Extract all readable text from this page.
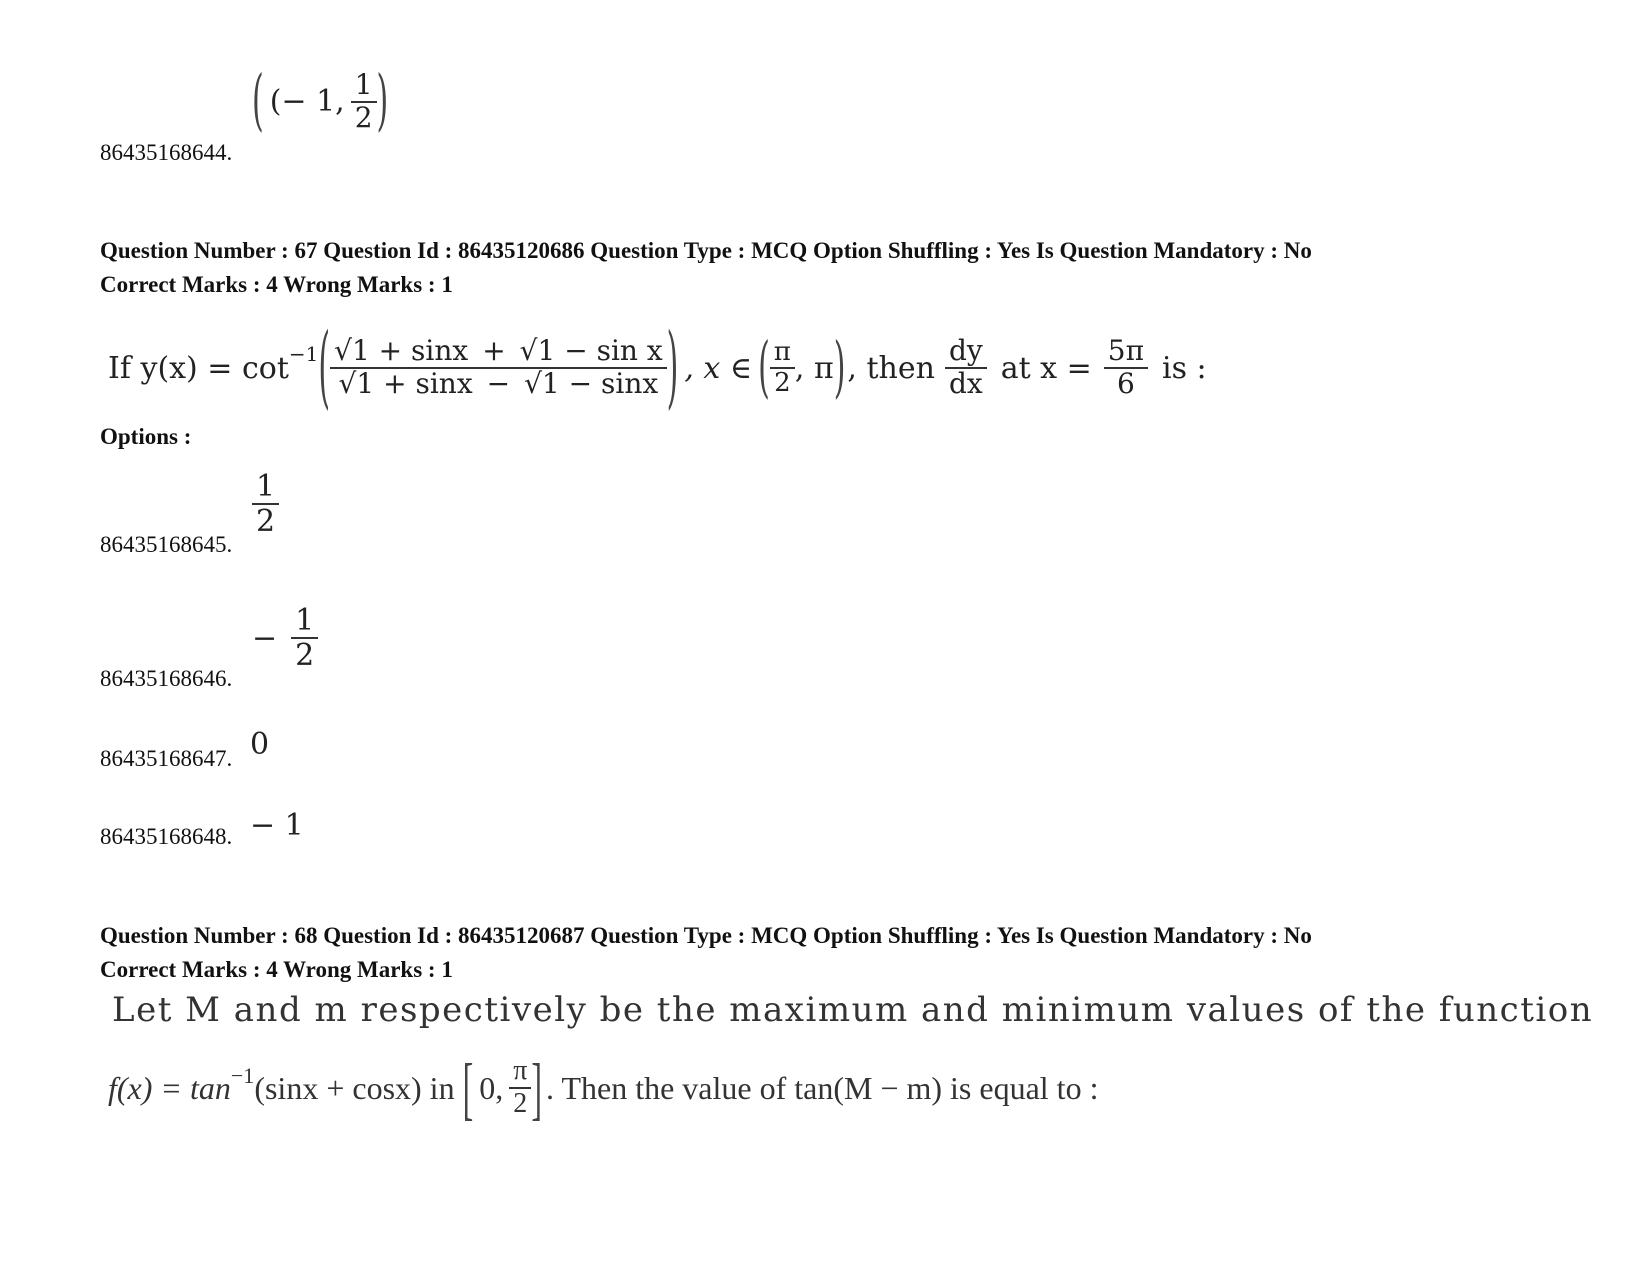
86435168644.
( (− 1, $\frac{1}{2}$ )
Question Number : 67 Question Id : 86435120686 Question Type : MCQ Option Shuffling : Yes Is Question Mandatory : No
Correct Marks : 4 Wrong Marks : 1
If $y(x) = \cot^{-1}$ ( $\frac{\text{√1 + sinx + √1 − sin x}}{√1 + \sin x - √1 - \sin x}$ ) , x ∈ ( $\frac{\pi}{2}$ , π ) , then $\frac{dy}{dx}$ at $x = \frac{5\pi}{6}$ is :
Options :
86435168645.
$\frac{1}{2}$
86435168646.
− $\frac{1}{2}$
86435168647. 0
86435168648. − 1
Question Number : 68 Question Id : 86435120687 Question Type : MCQ Option Shuffling : Yes Is Question Mandatory : No
Correct Marks : 4 Wrong Marks : 1
Let M and m respectively be the maximum and minimum values of the function
$f(x) = \tan^{-1} (\sin x + \cos x)$ in [ 0, $\frac{\pi}{2}$ ] . Then the value of tan(M − m) is equal to :
